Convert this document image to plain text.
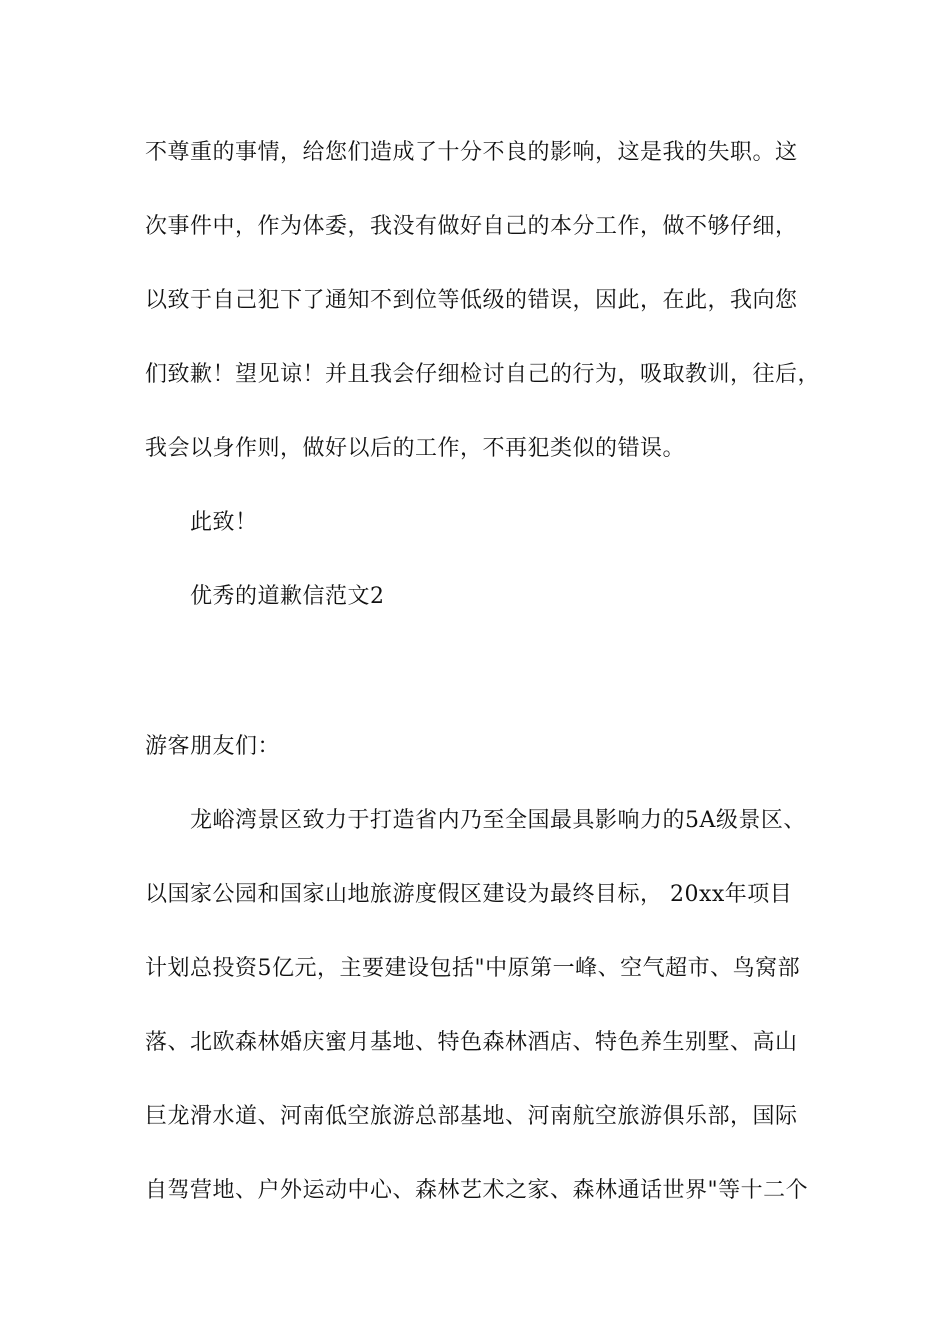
不尊重的事情，给您们造成了十分不良的影响，这是我的失职。这
次事件中，作为体委，我没有做好自己的本分工作，做不够仔细，
以致于自己犯下了通知不到位等低级的错误，因此，在此，我向您
们致歉！望见谅！并且我会仔细检讨自己的行为，吸取教训，往后，
我会以身作则，做好以后的工作，不再犯类似的错误。
此致！
优秀的道歉信范文2
游客朋友们：
龙峪湾景区致力于打造省内乃至全国最具影响力的5A级景区、
以国家公园和国家山地旅游度假区建设为最终目标， 20xx年项目
计划总投资5亿元，主要建设包括"中原第一峰、空气超市、鸟窝部
落、北欧森林婚庆蜜月基地、特色森林酒店、特色养生别墅、高山
巨龙滑水道、河南低空旅游总部基地、河南航空旅游俱乐部，国际
自驾营地、户外运动中心、森林艺术之家、森林通话世界"等十二个
